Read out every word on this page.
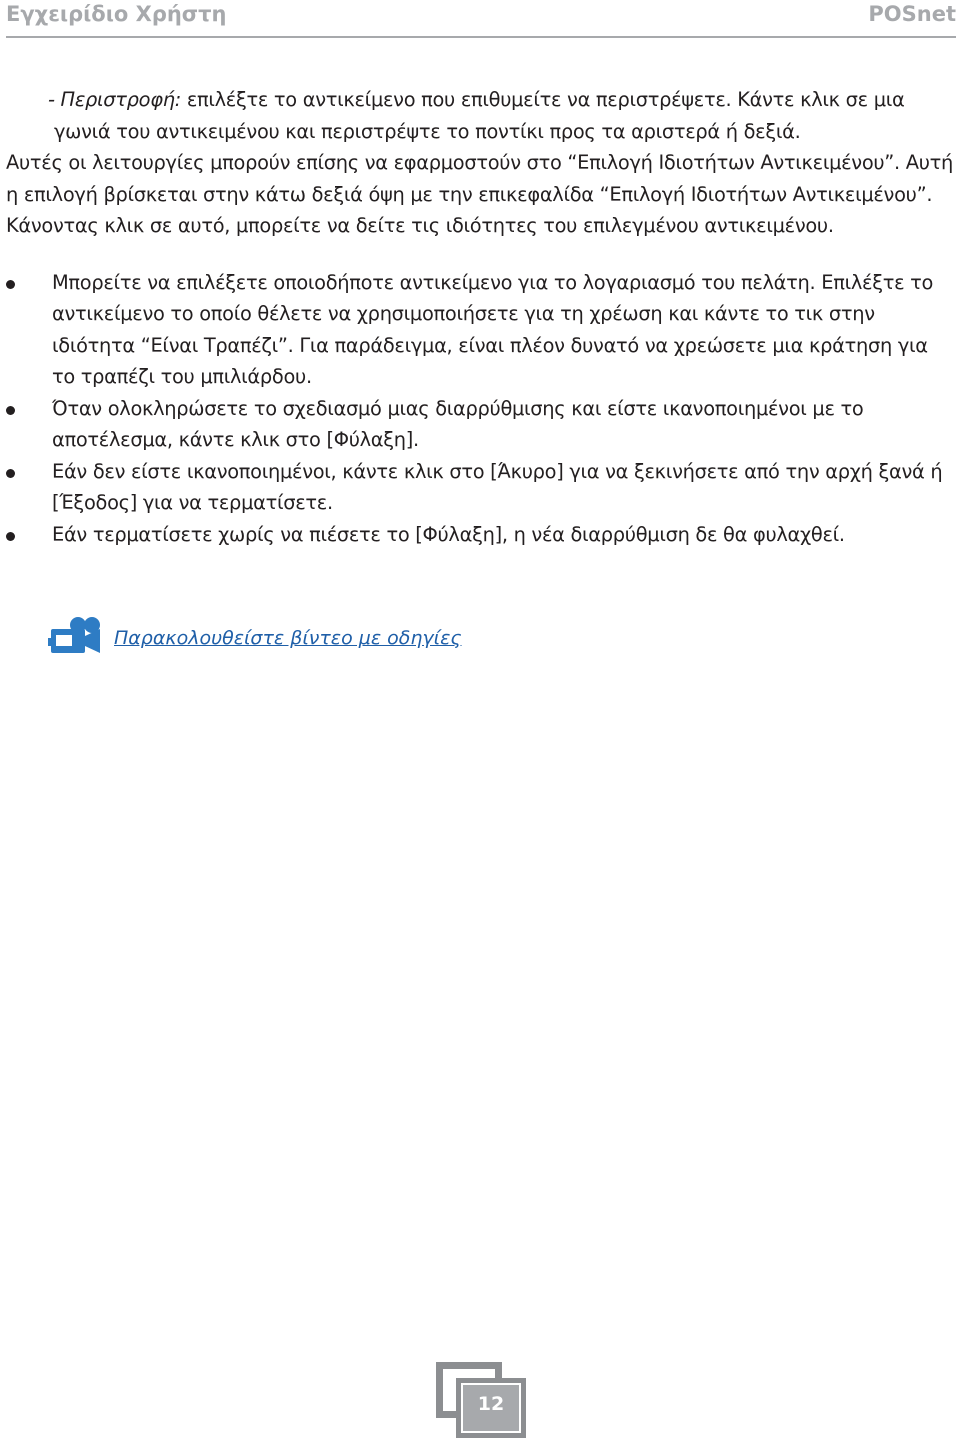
Εγχειρίδιο Χρήστη	POSnet

- Περιστροφή: επιλέξτε το αντικείμενο που επιθυμείτε να περιστρέψετε. Κάντε κλικ σε μια γωνιά του αντικειμένου και περιστρέψτε το ποντίκι προς τα αριστερά ή δεξιά.

Αυτές οι λειτουργίες μπορούν επίσης να εφαρμοστούν στο “Επιλογή Ιδιοτήτων Αντικειμένου”. Αυτή η επιλογή βρίσκεται στην κάτω δεξιά όψη με την επικεφαλίδα “Επιλογή Ιδιοτήτων Αντικειμένου”. Κάνοντας κλικ σε αυτό, μπορείτε να δείτε τις ιδιότητες του επιλεγμένου αντικειμένου.

Μπορείτε να επιλέξετε οποιοδήποτε αντικείμενο για το λογαριασμό του πελάτη. Επιλέξτε το αντικείμενο το οποίο θέλετε να χρησιμοποιήσετε για τη χρέωση και κάντε το τικ στην ιδιότητα “Είναι Τραπέζι”. Για παράδειγμα, είναι πλέον δυνατό να χρεώσετε μια κράτηση για το τραπέζι του μπιλιάρδου.
Όταν ολοκληρώσετε το σχεδιασμό μιας διαρρύθμισης και είστε ικανοποιημένοι με το αποτέλεσμα, κάντε κλικ στο [Φύλαξη].
Εάν δεν είστε ικανοποιημένοι, κάντε κλικ στο [Άκυρο] για να ξεκινήσετε από την αρχή ξανά ή [Έξοδος] για να τερματίσετε.
Εάν τερματίσετε χωρίς να πιέσετε το [Φύλαξη], η νέα διαρρύθμιση δε θα φυλαχθεί.
Παρακολουθείστε βίντεο με οδηγίες
12
